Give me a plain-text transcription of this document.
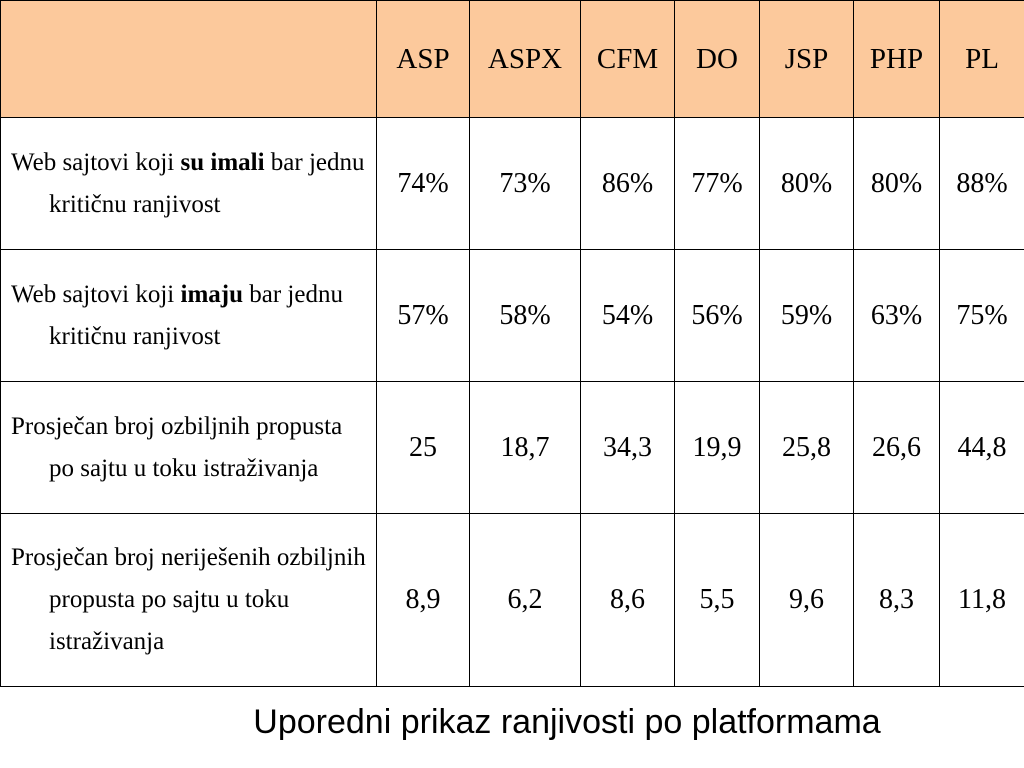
	ASP	ASPX	CFM	DO	JSP	PHP	PL
Web sajtovi koji su imali bar jednu kritičnu ranjivost	74%	73%	86%	77%	80%	80%	88%
Web sajtovi koji imaju bar jednu kritičnu ranjivost	57%	58%	54%	56%	59%	63%	75%
Prosječan broj ozbiljnih propusta po sajtu u toku istraživanja	25	18,7	34,3	19,9	25,8	26,6	44,8
Prosječan broj neriješenih ozbiljnih propusta po sajtu u toku istraživanja	8,9	6,2	8,6	5,5	9,6	8,3	11,8
Uporedni prikaz ranjivosti po platformama
